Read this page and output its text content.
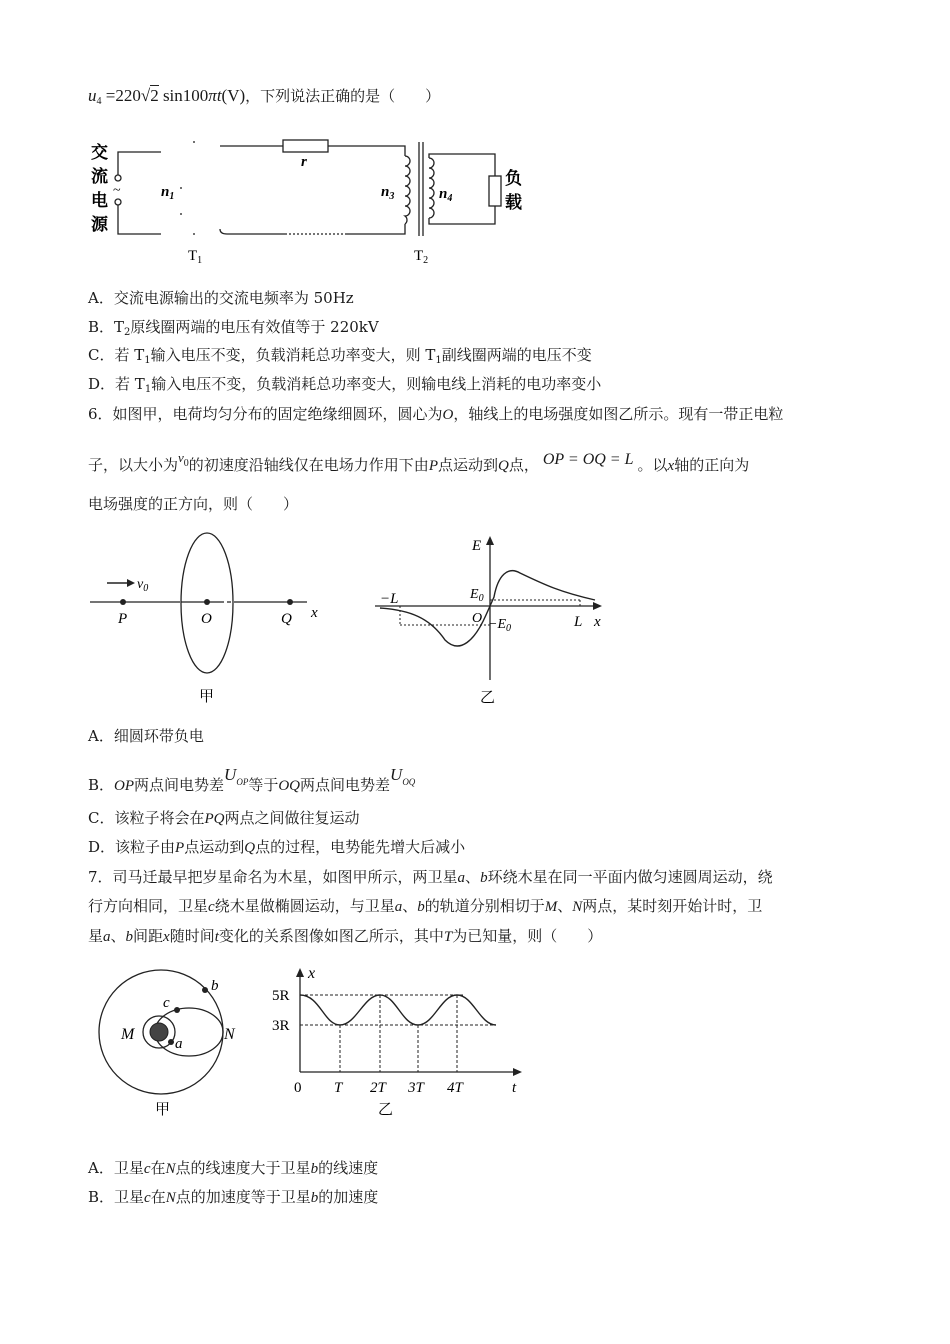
$u_4 =220√2$ sin100πt(V)，下列说法正确的是（　　）
交
流
电
源
~	$n_1$
r
$n_3$	$n_4$
负
载
$T_1$	$T_2$
A．交流电源输出的交流电频率为 50Hz
B．$T_2$原线圈两端的电压有效值等于 220kV
C．若 $T_1$输入电压不变，负载消耗总功率变大，则 $T_1$副线圈两端的电压不变
D．若 $T_1$输入电压不变，负载消耗总功率变大，则输电线上消耗的电功率变小
6．如图甲，电荷均匀分布的固定绝缘细圆环，圆心为O，轴线上的电场强度如图乙所示。现有一带正电粒
子，以大小为$v^0$的初速度沿轴线仅在电场力作用下由P点运动到Q点， OP = OQ = L 。以x轴的正向为
电场强度的正方向，则（　　）
$v_0$
P	O	Q x
甲
E
$E_0$
−L
$O -E_0$	L x
乙
A．细圆环带负电
B．OP两点间电势差$U^{OP}$等于OQ两点间电势差$U^{OQ}$
C．该粒子将会在PQ两点之间做往复运动
D．该粒子由P点运动到Q点的过程，电势能先增大后减小
7．司马迁最早把岁星命名为木星，如图甲所示，两卫星a、b环绕木星在同一平面内做匀速圆周运动，绕
行方向相同，卫星c绕木星做椭圆运动，与卫星a、b的轨道分别相切于M、N两点，某时刻开始计时，卫
星a、b间距x随时间t变化的关系图像如图乙所示，其中T为已知量，则（　　）
M	N
a
b
c
甲
x
5R
3R
0 T 2T 3T 4T	t
乙
A．卫星c在N点的线速度大于卫星b的线速度
B．卫星c在N点的加速度等于卫星b的加速度
